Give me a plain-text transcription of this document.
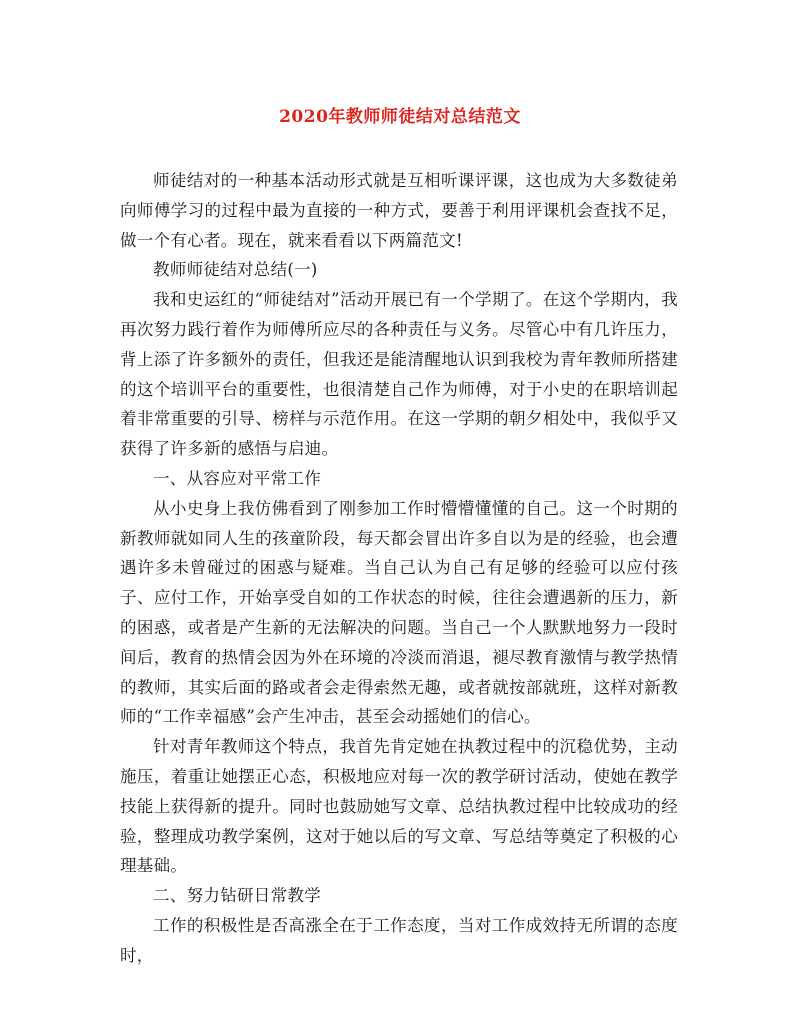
2020年教师师徒结对总结范文

师徒结对的一种基本活动形式就是互相听课评课，这也成为大多数徒弟向师傅学习的过程中最为直接的一种方式，要善于利用评课机会查找不足，做一个有心者。现在，就来看看以下两篇范文!

教师师徒结对总结(一)

我和史运红的“师徒结对”活动开展已有一个学期了。在这个学期内，我再次努力践行着作为师傅所应尽的各种责任与义务。尽管心中有几许压力，背上添了许多额外的责任，但我还是能清醒地认识到我校为青年教师所搭建的这个培训平台的重要性，也很清楚自己作为师傅，对于小史的在职培训起着非常重要的引导、榜样与示范作用。在这一学期的朝夕相处中，我似乎又获得了许多新的感悟与启迪。

一、从容应对平常工作

从小史身上我仿佛看到了刚参加工作时懵懵懂懂的自己。这一个时期的新教师就如同人生的孩童阶段，每天都会冒出许多自以为是的经验，也会遭遇许多未曾碰过的困惑与疑难。当自己认为自己有足够的经验可以应付孩子、应付工作，开始享受自如的工作状态的时候，往往会遭遇新的压力，新的困惑，或者是产生新的无法解决的问题。当自己一个人默默地努力一段时间后，教育的热情会因为外在环境的冷淡而消退，褪尽教育激情与教学热情的教师，其实后面的路或者会走得索然无趣，或者就按部就班，这样对新教师的“工作幸福感”会产生冲击，甚至会动摇她们的信心。

针对青年教师这个特点，我首先肯定她在执教过程中的沉稳优势，主动施压，着重让她摆正心态，积极地应对每一次的教学研讨活动，使她在教学技能上获得新的提升。同时也鼓励她写文章、总结执教过程中比较成功的经验，整理成功教学案例，这对于她以后的写文章、写总结等奠定了积极的心理基础。

二、努力钻研日常教学

工作的积极性是否高涨全在于工作态度，当对工作成效持无所谓的态度时，
